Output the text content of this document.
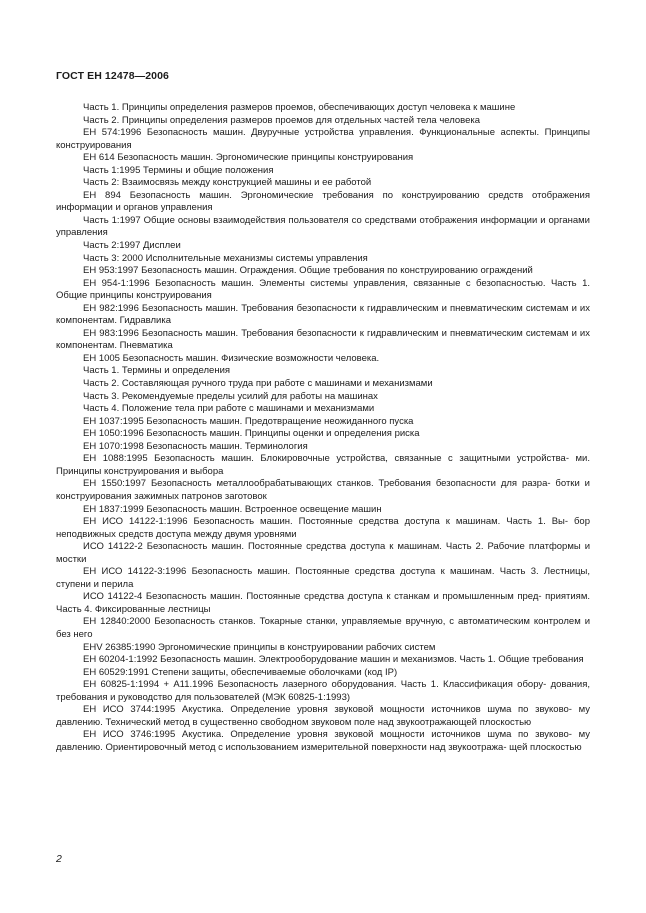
ГОСТ ЕН 12478—2006

Часть 1. Принципы определения размеров проемов, обеспечивающих доступ человека к машине

Часть 2. Принципы определения размеров проемов для отдельных частей тела человека

ЕН 574:1996 Безопасность машин. Двуручные устройства управления. Функциональные аспекты. Принципы конструирования

ЕН 614 Безопасность машин. Эргономические принципы конструирования

Часть 1:1995 Термины и общие положения

Часть 2: Взаимосвязь между конструкцией машины и ее работой

ЕН 894 Безопасность машин. Эргономические требования по конструированию средств отображения информации и органов управления

Часть 1:1997 Общие основы взаимодействия пользователя со средствами отображения информации и органами управления

Часть 2:1997 Дисплеи

Часть 3: 2000 Исполнительные механизмы системы управления

ЕН 953:1997 Безопасность машин. Ограждения. Общие требования по конструированию ограждений

ЕН 954-1:1996 Безопасность машин. Элементы системы управления, связанные с безопасностью. Часть 1. Общие принципы конструирования

ЕН 982:1996 Безопасность машин. Требования безопасности к гидравлическим и пневматическим системам и их компонентам. Гидравлика

ЕН 983:1996 Безопасность машин. Требования безопасности к гидравлическим и пневматическим системам и их компонентам. Пневматика

ЕН 1005 Безопасность машин. Физические возможности человека.

Часть 1. Термины и определения

Часть 2. Составляющая ручного труда при работе с машинами и механизмами

Часть 3. Рекомендуемые пределы усилий для работы на машинах

Часть 4. Положение тела при работе с машинами и механизмами

ЕН 1037:1995 Безопасность машин. Предотвращение неожиданного пуска

ЕН 1050:1996 Безопасность машин. Принципы оценки и определения риска

ЕН 1070:1998 Безопасность машин. Терминология

ЕН 1088:1995 Безопасность машин. Блокировочные устройства, связанные с защитными устройства- ми. Принципы конструирования и выбора

ЕН 1550:1997 Безопасность металлообрабатывающих станков. Требования безопасности для разра- ботки и конструирования зажимных патронов заготовок

ЕН 1837:1999 Безопасность машин. Встроенное освещение машин

ЕН ИСО 14122-1:1996 Безопасность машин. Постоянные средства доступа к машинам. Часть 1. Вы- бор неподвижных средств доступа между двумя уровнями

ИСО 14122-2 Безопасность машин. Постоянные средства доступа к машинам. Часть 2. Рабочие платформы и мостки

ЕН ИСО 14122-3:1996 Безопасность машин. Постоянные средства доступа к машинам. Часть 3. Лестницы, ступени и перила

ИСО 14122-4 Безопасность машин. Постоянные средства доступа к станкам и промышленным пред- приятиям. Часть 4. Фиксированные лестницы

ЕН 12840:2000 Безопасность станков. Токарные станки, управляемые вручную, с автоматическим контролем и без него

ЕНV 26385:1990 Эргономические принципы в конструировании рабочих систем

ЕН 60204-1:1992 Безопасность машин. Электрооборудование машин и механизмов. Часть 1. Общие требования

ЕН 60529:1991 Степени защиты, обеспечиваемые оболочками (код IP)

ЕН 60825-1:1994 + А11.1996 Безопасность лазерного оборудования. Часть 1. Классификация обору- дования, требования и руководство для пользователей (МЭК 60825-1:1993)

ЕН ИСО 3744:1995 Акустика. Определение уровня звуковой мощности источников шума по звуково- му давлению. Технический метод в существенно свободном звуковом поле над звукоотражающей плоскостью

ЕН ИСО 3746:1995 Акустика. Определение уровня звуковой мощности источников шума по звуково- му давлению. Ориентировочный метод с использованием измерительной поверхности над звукоотража- щей плоскостью

2
